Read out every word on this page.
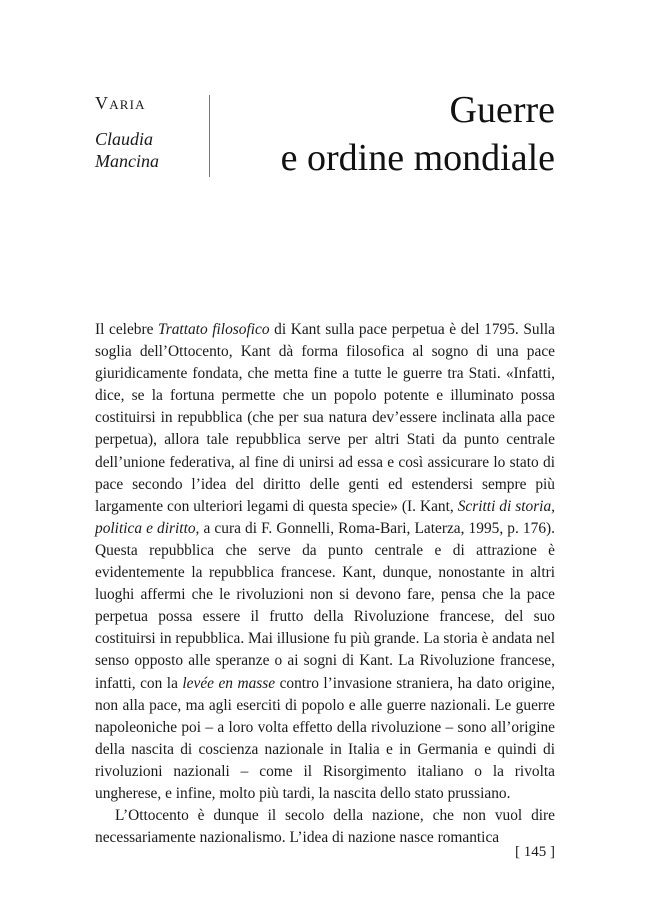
Varia
Claudia
Mancina
Guerre
e ordine mondiale

Il celebre Trattato filosofico di Kant sulla pace perpetua è del 1795. Sulla soglia dell’Ottocento, Kant dà forma filosofica al sogno di una pace giuridicamente fondata, che metta fine a tutte le guerre tra Stati. «Infatti, dice, se la fortuna permette che un popolo potente e illuminato possa costituirsi in repubblica (che per sua natura dev’essere inclinata alla pace perpetua), allora tale repubblica serve per altri Stati da punto centrale dell’unione federativa, al fine di unirsi ad essa e così assicurare lo stato di pace secondo l’idea del diritto delle genti ed estendersi sempre più largamente con ulteriori legami di questa specie» (I. Kant, Scritti di storia, politica e diritto, a cura di F. Gonnelli, Roma-Bari, Laterza, 1995, p. 176). Questa repubblica che serve da punto centrale e di attrazione è evidentemente la repubblica francese. Kant, dunque, nonostante in altri luoghi affermi che le rivoluzioni non si devono fare, pensa che la pace perpetua possa essere il frutto della Rivoluzione francese, del suo costituirsi in repubblica. Mai illusione fu più grande. La storia è andata nel senso opposto alle speranze o ai sogni di Kant. La Rivoluzione francese, infatti, con la levée en masse contro l’invasione straniera, ha dato origine, non alla pace, ma agli eserciti di popolo e alle guerre nazionali. Le guerre napoleoniche poi – a loro volta effetto della rivoluzione – sono all’origine della nascita di coscienza nazionale in Italia e in Germania e quindi di rivoluzioni nazionali – come il Risorgimento italiano o la rivolta ungherese, e infine, molto più tardi, la nascita dello stato prussiano.

L’Ottocento è dunque il secolo della nazione, che non vuol dire necessariamente nazionalismo. L’idea di nazione nasce romantica

[ 145 ]
